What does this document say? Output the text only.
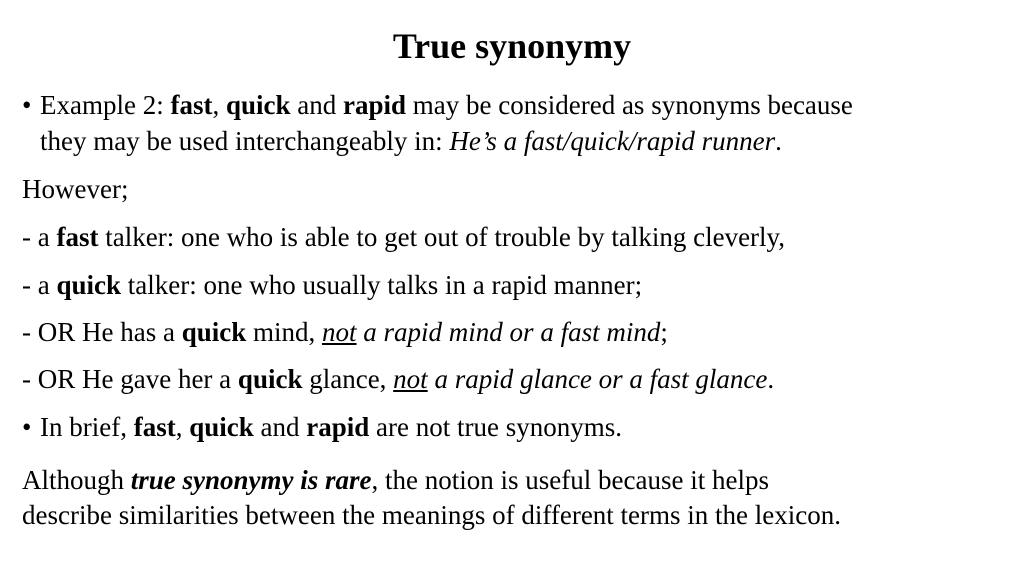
True synonymy
• Example 2: fast, quick and rapid may be considered as synonyms because
they may be used interchangeably in: He’s a fast/quick/rapid runner.
However;
- a fast talker: one who is able to get out of trouble by talking cleverly,
- a quick talker: one who usually talks in a rapid manner;
- OR He has a quick mind, not a rapid mind or a fast mind;
- OR He gave her a quick glance, not a rapid glance or a fast glance.
• In brief, fast, quick and rapid are not true synonyms.
Although true synonymy is rare, the notion is useful because it helps
describe similarities between the meanings of different terms in the lexicon.
